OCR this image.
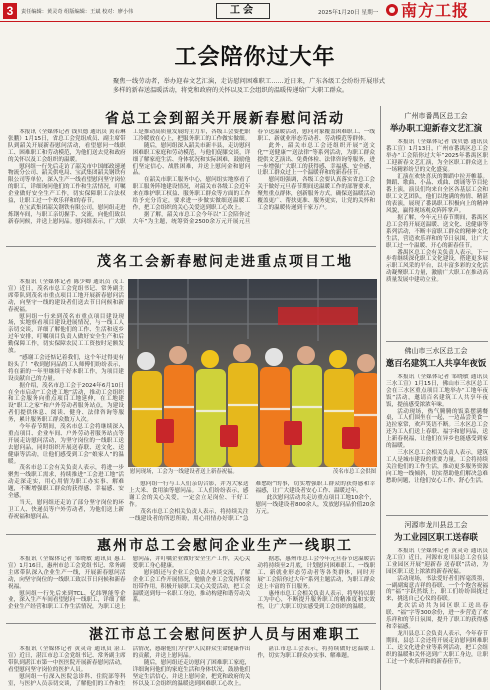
3	责任编辑：黄灵奇 组版编辑：王斌 校对：廖小伟	工会	2025年1月20日 星期一 南方工报
工会陪你过大年
聚焦一线劳动者，举办迎春文艺汇演，走访慰问困难职工……近日来，广东各级工会纷纷开展形式多样的新春送温暖活动，将党和政府的关怀以及工会组织的温暖传递给广大职工群众。
省总工会到韶关开展新春慰问活动

本报讯（全媒体记者 钱贝德 通讯员 黄若琳 张鹏）1月15日，省总工会党组成员、副主席带队到韶关开展新春慰问活动，看望慰问一线职工、困难职工和劳动模范，为他们送去党和政府的关怀以及工会组织的温暖。

慰问组一行先后走访了韶关市中国邮政速递物流分公司、韶关供电局、宝武集团韶关钢铁有限公司等单位，深入生产一线看望慰问坚守岗位的职工，详细询问他们的工作和生活情况，叮嘱企业做好安全生产工作，切实保障职工合法权益，让职工过一个欢乐祥和的春节。

在宝武集团韶关钢铁有限公司，慰问组走进炼钢车间，与职工亲切握手、交流，向他们致以新春问候，并送上慰问品。慰问组表示，广大职工是推动高质量发展的主力军，各级工会要把职工冷暖放在心上，把服务职工的工作做实做细。

随后，慰问组深入韶关市新丰县，走访慰问困难职工家庭和劳动模范，与他们促膝交谈，详细了解家庭生活、身体状况和实际困难，鼓励他们坚定信心、战胜困难，并送上慰问金和慰问品。

在韶关市职工服务中心，慰问组实地察看了职工服务阵地建设情况，对韶关市各级工会近年来在维护职工权益、服务职工群众等方面的工作给予充分肯定，要求进一步做实做细送温暖工作，把工会组织的关心关爱送到职工心坎上。

据了解，韶关市总工会今年以“工会陪你过大年”为主题，统筹资金2500余万元开展元旦春节送温暖活动，慰问对象覆盖困难职工、一线职工、新就业形态劳动者、劳动模范等群体。

此外，韶关市总工会还组织开展“送文化”“送健康”“送法律”等系列活动，为职工群众提供文艺演出、免费体检、法律咨询等服务，进一步增强广大职工的获得感、幸福感、安全感，让职工群众过上一个温暖祥和的新春佳节。

慰问组强调，各级工会要认真落实省总工会关于做好元旦春节期间送温暖工作的部署要求，聚焦重点群体，创新服务方式，确保送温暖活动覆盖更广、帮扶更准、服务更实，让党的关怀和工会的温暖传递到千家万户。

茂名工会新春慰问走进重点项目工地

本报讯（全媒体记者 陈少卿 通讯员 茂工宣）近日，茂名市总工会党组书记、常务副主席带队到茂名市重点项目工地开展新春慰问活动，向坚守一线的建设者们送去节日问候和新春祝福。

慰问组一行来到茂名市重点项目建设现场，实地察看项目建设进展情况，与一线工人亲切交谈，详细了解他们的工作、生活和返乡过年安排，叮嘱项目负责人做好安全生产和后勤保障工作，切实保障农民工工资按时足额发放。

“感谢工会还惦记着我们，这个年过得更有盼头了！”收到慰问品的工人师傅们纷纷表示，将在新的一年里继续干好本职工作，为项目建设贡献自己的力量。

据介绍，茂名市总工会于2024年6月10日在全市启动“工会进工地”活动，推动工会组织和工会服务向重点项目工地延伸，在工地建设“职工之家”和户外劳动者服务站点，为建设者们提供休息、阅读、健身、法律咨询等服务，累计服务职工群众数万人次。

今年春节期间，茂名市总工会将继续深入重点项目、企业车间、户外劳动者服务站点等开展走访慰问活动，为坚守岗位的一线职工送去慰问品，同时组织开展送春联、送文化、送健康等活动，让他们感受到工会“娘家人”的温暖。

茂名市总工会有关负责人表示，将进一步聚焦一线职工需求，持续推进“工会进工地”活动走深走实，用心用情为职工办实事、解难题，不断增强职工群众的获得感、幸福感、安全感。

当天，慰问组还走访了部分坚守岗位的环卫工人、快递员等户外劳动者，为他们送上新春祝福和慰问品。

慰问现场，工会为一线建设者送上新春祝福。	茂名市总工会供图

慰问组一行与工人们亲切合影，并为大家送上大米、食用油等慰问品。工人们纷纷表示，感谢工会的关心关爱，一定会立足岗位、干好工作。

茂名市总工会相关负责人表示，将持续关注一线建设者的所思所盼，用心用情办好职工“急难愁盼”的事，切实增强职工群众的获得感和幸福感，让广大建设者安心工作、温暖过年。

此次慰问活动共走访重点项目工地10余个，慰问一线建设者800余人，发放慰问品价值20余万元。

惠州市总工会慰问企业生产一线职工

本报讯（全媒体记者 邹晓敏 通讯员 惠工宣）1月16日，惠州市总工会党组书记、常务副主席带队深入企业生产一线，开展新春慰问活动，向坚守岗位的一线职工致以节日问候和新春祝福。

慰问组一行先后来到TCL、亿纬锂能等企业，深入生产车间看望慰问一线职工，详细了解企业生产经营和职工工作生活情况，为职工送上慰问品，并叮嘱企业做好安全生产工作，关心关爱职工身心健康。

慰问组还与企业工会负责人座谈交流，了解企业工会工作开展情况，勉励企业工会发挥桥梁纽带作用，积极开展职工关心关爱活动，把工会温暖送到每一名职工身边，推动构建和谐劳动关系。

据悉，惠州市总工会今年元旦春节送温暖活动将持续至2月底，计划慰问困难职工、一线职工、新就业形态劳动者等各类群体，同时开展“工会陪你过大年”系列主题活动，为职工群众送上丰富的节日服务。

惠州市总工会相关负责人表示，将坚持以职工为中心，不断提升服务职工的精准度和实效性，让广大职工切实感受到工会组织的温暖。

湛江市总工会慰问医护人员与困难职工

本报讯（全媒体记者 黄灵奇 通讯员 湛工宣）近日，湛江市总工会党组书记、常务副主席带队到湛江市第一中医医院开展新春慰问活动，看望慰问坚守岗位的医护人员。

慰问组一行深入医院急诊科、住院部等科室，与医护人员亲切交谈，了解他们的工作和生活情况，感谢他们为守护人民群众生命健康作出的贡献，并送上慰问品。

随后，慰问组还走访慰问了困难职工家庭，详细询问他们的家庭生活和身体状况，鼓励他们坚定生活信心，并送上慰问金，把党和政府的关怀以及工会组织的温暖送到困难职工心坎上。

湛江市总工会表示，将持续做好送温暖工作，切实为职工群众办实事、解难题。

广州市番禺区总工会
举办职工迎新春文艺汇演

本报讯（全媒体记者 钱贝德 通讯员 番工宣）1月13日，广州市番禺区总工会举办“工会陪你过大年”2025年番禺区职工迎新春文艺汇演，为全区职工群众送上一场精彩纷呈的文化盛宴。

汇演在欢快喜庆的舞蹈中拉开帷幕。舞蹈、歌曲、小品、戏曲、朗诵等节目轮番上演，演员们均来自全区各基层工会和职工文艺团队，他们以饱满的热情、精湛的表演，展现了番禺职工积极向上的精神风貌，赢得现场观众阵阵掌声。

据了解，今年元旦春节期间，番禺区总工会将开展送温暖、送文化、送健康等系列活动，不断丰富职工群众的精神文化生活，营造欢乐祥和的节日氛围，让广大职工过一个温暖、开心的新春佳节。

番禺区总工会有关负责人表示，下一步将继续深化职工文化建设，搭建更多展示职工风采的平台，以丰富多彩的文化活动凝聚职工力量，激励广大职工在推动高质量发展中建功立业。

佛山市三水区总工会
邀百名建筑工人共享年夜饭

本报讯（全媒体记者 邹晓敏 通讯员 三水工宣）1月15日，佛山市三水区总工会在三水区重点项目工地举办“工地年夜饭”活动，邀请百名建筑工人共享年夜饭，提前感受浓浓年味。

活动现场，热气腾腾的饭菜摆满餐桌，工人们围坐在一起，一边品尝美食一边拉家常，欢声笑语不断。三水区总工会还为工人们送上春联、福字和慰问品，送上新春祝福，让他们在异乡也能感受到家的温暖。

三水区总工会相关负责人表示，建筑工人是城市建设的重要力量，工会将持续关注他们的工作生活，推动更多服务资源向工地一线倾斜，切实帮助他们解决急难愁盼问题，让他们安心工作、舒心生活。

河源市龙川县总工会
为工业园区职工送春联

本报讯（全媒体记者 黄灵奇 通讯员 龙工宣）近日，河源市龙川县总工会在县工业园区开展“迎新春 送春联”活动，为园区职工送上浓浓的新春祝福。

活动现场，书法爱好者们挥毫泼墨，一副副寓意吉祥的春联、一个个饱含祝福的“福”字跃然纸上，职工们纷纷围拢过来，挑选自己心仪的春联。

此次活动共为园区职工送出春联、“福”字等300余份，进一步营造了欢乐祥和的节日氛围，提升了职工的获得感和幸福感。

龙川县总工会负责人表示，今年春节期间，县总工会还将开展走访慰问困难职工、送文化进企业等系列活动，把工会组织的温暖和关怀送到广大职工身边，让职工过一个欢乐祥和的新春佳节。
